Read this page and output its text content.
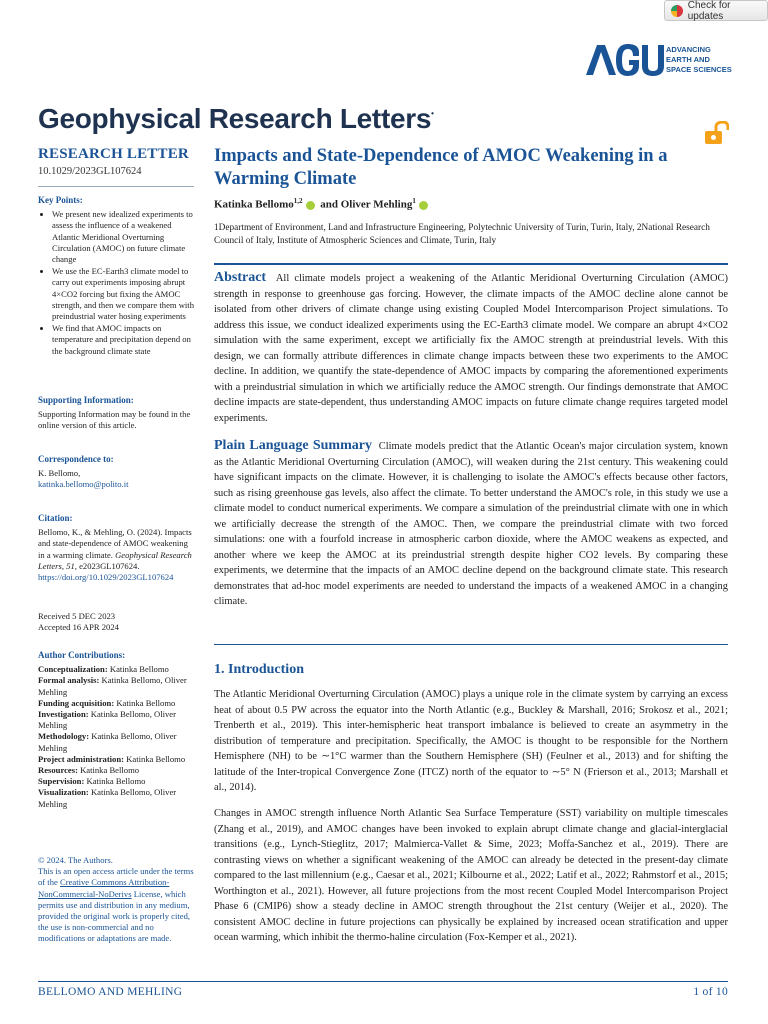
Check for updates
ADVANCING
EARTH AND
SPACE SCIENCES
Geophysical Research Letters•
RESEARCH LETTER
10.1029/2023GL107624
Key Points:
• We present new idealized experiments to assess the influence of a weakened Atlantic Meridional Overturning Circulation (AMOC) on future climate change
• We use the EC-Earth3 climate model to carry out experiments imposing abrupt 4×CO2 forcing but fixing the AMOC strength, and then we compare them with preindustrial water hosing experiments
• We find that AMOC impacts on temperature and precipitation depend on the background climate state
Supporting Information:
Supporting Information may be found in the online version of this article.
Correspondence to:
K. Bellomo,
katinka.bellomo@polito.it
Citation:
Bellomo, K., & Mehling, O. (2024). Impacts and state-dependence of AMOC weakening in a warming climate. Geophysical Research Letters, 51, e2023GL107624. https://doi.org/10.1029/2023GL107624
Received 5 DEC 2023
Accepted 16 APR 2024
Author Contributions:
Conceptualization: Katinka Bellomo
Formal analysis: Katinka Bellomo, Oliver Mehling
Funding acquisition: Katinka Bellomo
Investigation: Katinka Bellomo, Oliver Mehling
Methodology: Katinka Bellomo, Oliver Mehling
Project administration: Katinka Bellomo
Resources: Katinka Bellomo
Supervision: Katinka Bellomo
Visualization: Katinka Bellomo, Oliver Mehling
© 2024. The Authors.
This is an open access article under the terms of the Creative Commons Attribution-NonCommercial-NoDerivs License, which permits use and distribution in any medium, provided the original work is properly cited, the use is non-commercial and no modifications or adaptations are made.
Impacts and State-Dependence of AMOC Weakening in a Warming Climate
Katinka Bellomo$^{1,2}$ and Oliver Mehling$^1$
1Department of Environment, Land and Infrastructure Engineering, Polytechnic University of Turin, Turin, Italy, 2National Research Council of Italy, Institute of Atmospheric Sciences and Climate, Turin, Italy
Abstract All climate models project a weakening of the Atlantic Meridional Overturning Circulation (AMOC) strength in response to greenhouse gas forcing. However, the climate impacts of the AMOC decline alone cannot be isolated from other drivers of climate change using existing Coupled Model Intercomparison Project simulations. To address this issue, we conduct idealized experiments using the EC-Earth3 climate model. We compare an abrupt 4×CO2 simulation with the same experiment, except we artificially fix the AMOC strength at preindustrial levels. With this design, we can formally attribute differences in climate change impacts between these two experiments to the AMOC decline. In addition, we quantify the state-dependence of AMOC impacts by comparing the aforementioned experiments with a preindustrial simulation in which we artificially reduce the AMOC strength. Our findings demonstrate that AMOC decline impacts are state-dependent, thus understanding AMOC impacts on future climate change requires targeted model experiments.
Plain Language Summary Climate models predict that the Atlantic Ocean's major circulation system, known as the Atlantic Meridional Overturning Circulation (AMOC), will weaken during the 21st century. This weakening could have significant impacts on the climate. However, it is challenging to isolate the AMOC's effects because other factors, such as rising greenhouse gas levels, also affect the climate. To better understand the AMOC's role, in this study we use a climate model to conduct numerical experiments. We compare a simulation of the preindustrial climate with one in which we artificially decrease the strength of the AMOC. Then, we compare the preindustrial climate with two forced simulations: one with a fourfold increase in atmospheric carbon dioxide, where the AMOC weakens as expected, and another where we keep the AMOC at its preindustrial strength despite higher CO2 levels. By comparing these experiments, we determine that the impacts of an AMOC decline depend on the background climate state. This research demonstrates that ad-hoc model experiments are needed to understand the impacts of a weakened AMOC in a changing climate.
1. Introduction
The Atlantic Meridional Overturning Circulation (AMOC) plays a unique role in the climate system by carrying an excess heat of about 0.5 PW across the equator into the North Atlantic (e.g., Buckley & Marshall, 2016; Srokosz et al., 2021; Trenberth et al., 2019). This inter-hemispheric heat transport imbalance is believed to create an asymmetry in the distribution of temperature and precipitation. Specifically, the AMOC is thought to be responsible for the Northern Hemisphere (NH) to be ∼1°C warmer than the Southern Hemisphere (SH) (Feulner et al., 2013) and for shifting the latitude of the Inter-tropical Convergence Zone (ITCZ) north of the equator to ∼5° N (Frierson et al., 2013; Marshall et al., 2014).
Changes in AMOC strength influence North Atlantic Sea Surface Temperature (SST) variability on multiple timescales (Zhang et al., 2019), and AMOC changes have been invoked to explain abrupt climate change and glacial-interglacial transitions (e.g., Lynch-Stieglitz, 2017; Malmierca-Vallet & Sime, 2023; Moffa-Sanchez et al., 2019). There are contrasting views on whether a significant weakening of the AMOC can already be detected in the present-day climate compared to the last millennium (e.g., Caesar et al., 2021; Kilbourne et al., 2022; Latif et al., 2022; Rahmstorf et al., 2015; Worthington et al., 2021). However, all future projections from the most recent Coupled Model Intercomparison Project Phase 6 (CMIP6) show a steady decline in AMOC strength throughout the 21st century (Weijer et al., 2020). The consistent AMOC decline in future projections can physically be explained by increased ocean stratification and upper ocean warming, which inhibit the thermo-haline circulation (Fox-Kemper et al., 2021).
BELLOMO AND MEHLING	1 of 10
